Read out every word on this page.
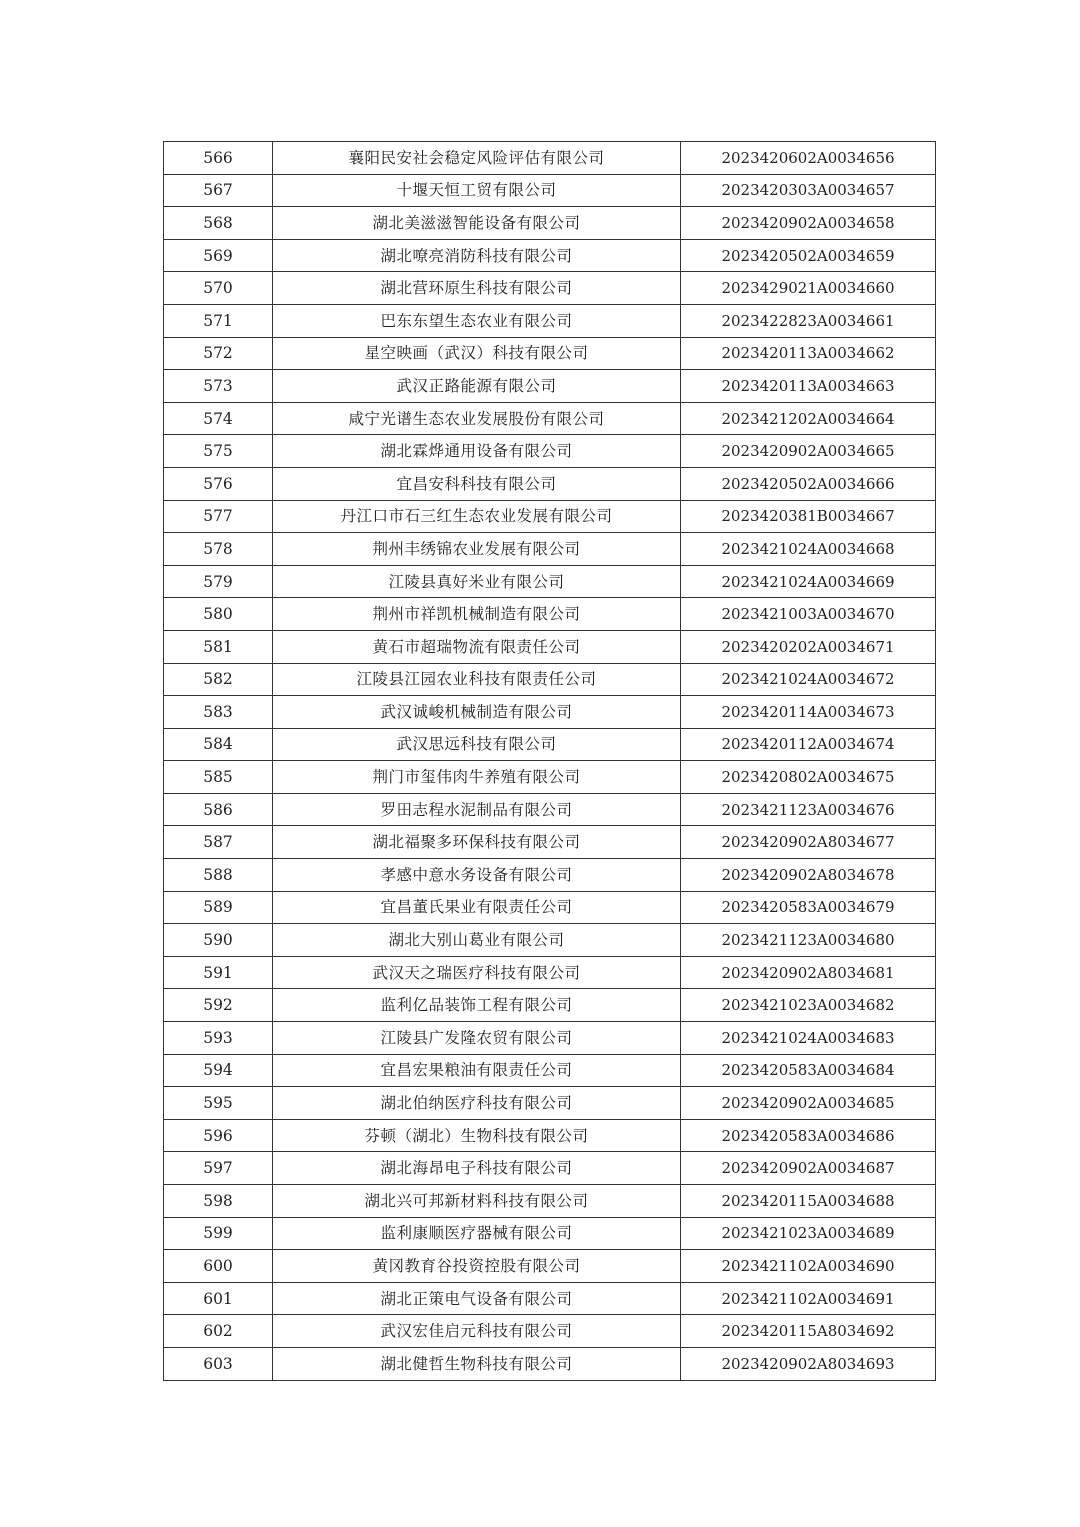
566	襄阳民安社会稳定风险评估有限公司	2023420602A0034656
567	十堰天恒工贸有限公司	2023420303A0034657
568	湖北美滋滋智能设备有限公司	2023420902A0034658
569	湖北嘹亮消防科技有限公司	2023420502A0034659
570	湖北营环原生科技有限公司	2023429021A0034660
571	巴东东望生态农业有限公司	2023422823A0034661
572	星空映画（武汉）科技有限公司	2023420113A0034662
573	武汉正路能源有限公司	2023420113A0034663
574	咸宁光谱生态农业发展股份有限公司	2023421202A0034664
575	湖北霖烨通用设备有限公司	2023420902A0034665
576	宜昌安科科技有限公司	2023420502A0034666
577	丹江口市石三红生态农业发展有限公司	2023420381B0034667
578	荆州丰绣锦农业发展有限公司	2023421024A0034668
579	江陵县真好米业有限公司	2023421024A0034669
580	荆州市祥凯机械制造有限公司	2023421003A0034670
581	黄石市超瑞物流有限责任公司	2023420202A0034671
582	江陵县江园农业科技有限责任公司	2023421024A0034672
583	武汉诚峻机械制造有限公司	2023420114A0034673
584	武汉思远科技有限公司	2023420112A0034674
585	荆门市玺伟肉牛养殖有限公司	2023420802A0034675
586	罗田志程水泥制品有限公司	2023421123A0034676
587	湖北福聚多环保科技有限公司	2023420902A8034677
588	孝感中意水务设备有限公司	2023420902A8034678
589	宜昌董氏果业有限责任公司	2023420583A0034679
590	湖北大别山葛业有限公司	2023421123A0034680
591	武汉天之瑞医疗科技有限公司	2023420902A8034681
592	监利亿品装饰工程有限公司	2023421023A0034682
593	江陵县广发隆农贸有限公司	2023421024A0034683
594	宜昌宏果粮油有限责任公司	2023420583A0034684
595	湖北伯纳医疗科技有限公司	2023420902A0034685
596	芬顿（湖北）生物科技有限公司	2023420583A0034686
597	湖北海昂电子科技有限公司	2023420902A0034687
598	湖北兴可邦新材料科技有限公司	2023420115A0034688
599	监利康顺医疗器械有限公司	2023421023A0034689
600	黄冈教育谷投资控股有限公司	2023421102A0034690
601	湖北正策电气设备有限公司	2023421102A0034691
602	武汉宏佳启元科技有限公司	2023420115A8034692
603	湖北健哲生物科技有限公司	2023420902A8034693
